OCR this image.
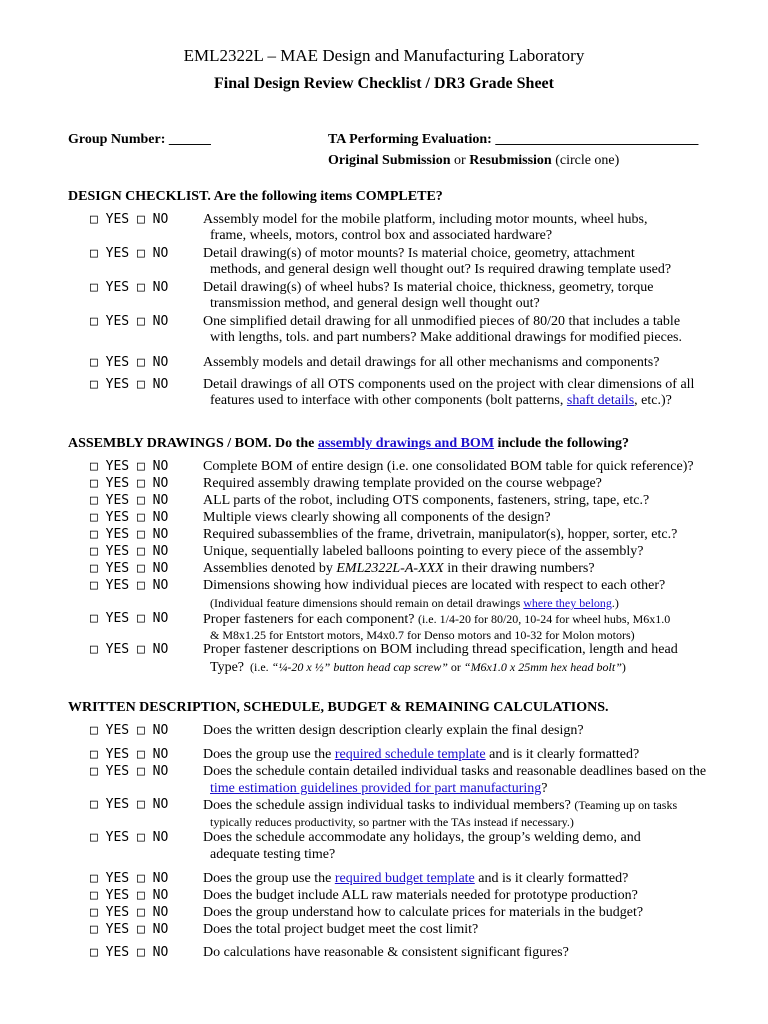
EML2322L – MAE Design and Manufacturing Laboratory
Final Design Review Checklist / DR3 Grade Sheet
Group Number: ______	TA Performing Evaluation: _____________________________
Original Submission or Resubmission (circle one)
DESIGN CHECKLIST. Are the following items COMPLETE?
□ YES □ NO Assembly model for the mobile platform, including motor mounts, wheel hubs,
frame, wheels, motors, control box and associated hardware?
□ YES □ NO Detail drawing(s) of motor mounts? Is material choice, geometry, attachment
methods, and general design well thought out? Is required drawing template used?
□ YES □ NO Detail drawing(s) of wheel hubs? Is material choice, thickness, geometry, torque
transmission method, and general design well thought out?
□ YES □ NO One simplified detail drawing for all unmodified pieces of 80/20 that includes a table
with lengths, tols. and part numbers? Make additional drawings for modified pieces.
□ YES □ NO Assembly models and detail drawings for all other mechanisms and components?
□ YES □ NO Detail drawings of all OTS components used on the project with clear dimensions of all
features used to interface with other components (bolt patterns, shaft details, etc.)?
ASSEMBLY DRAWINGS / BOM. Do the assembly drawings and BOM include the following?
□ YES □ NO Complete BOM of entire design (i.e. one consolidated BOM table for quick reference)?
□ YES □ NO Required assembly drawing template provided on the course webpage?
□ YES □ NO ALL parts of the robot, including OTS components, fasteners, string, tape, etc.?
□ YES □ NO Multiple views clearly showing all components of the design?
□ YES □ NO Required subassemblies of the frame, drivetrain, manipulator(s), hopper, sorter, etc.?
□ YES □ NO Unique, sequentially labeled balloons pointing to every piece of the assembly?
□ YES □ NO Assemblies denoted by EML2322L-A-XXX in their drawing numbers?
□ YES □ NO Dimensions showing how individual pieces are located with respect to each other?
(Individual feature dimensions should remain on detail drawings where they belong.)
□ YES □ NO Proper fasteners for each component? (i.e. 1/4-20 for 80/20, 10-24 for wheel hubs, M6x1.0
& M8x1.25 for Entstort motors, M4x0.7 for Denso motors and 10-32 for Molon motors)
□ YES □ NO Proper fastener descriptions on BOM including thread specification, length and head
Type?  (i.e. “¼-20 x ½” button head cap screw” or “M6x1.0 x 25mm hex head bolt”)
WRITTEN DESCRIPTION, SCHEDULE, BUDGET & REMAINING CALCULATIONS.
□ YES □ NO Does the written design description clearly explain the final design?
□ YES □ NO Does the group use the required schedule template and is it clearly formatted?
□ YES □ NO Does the schedule contain detailed individual tasks and reasonable deadlines based on the
time estimation guidelines provided for part manufacturing?
□ YES □ NO Does the schedule assign individual tasks to individual members? (Teaming up on tasks
typically reduces productivity, so partner with the TAs instead if necessary.)
□ YES □ NO Does the schedule accommodate any holidays, the group’s welding demo, and
adequate testing time?
□ YES □ NO Does the group use the required budget template and is it clearly formatted?
□ YES □ NO Does the budget include ALL raw materials needed for prototype production?
□ YES □ NO Does the group understand how to calculate prices for materials in the budget?
□ YES □ NO Does the total project budget meet the cost limit?
□ YES □ NO Do calculations have reasonable & consistent significant figures?
